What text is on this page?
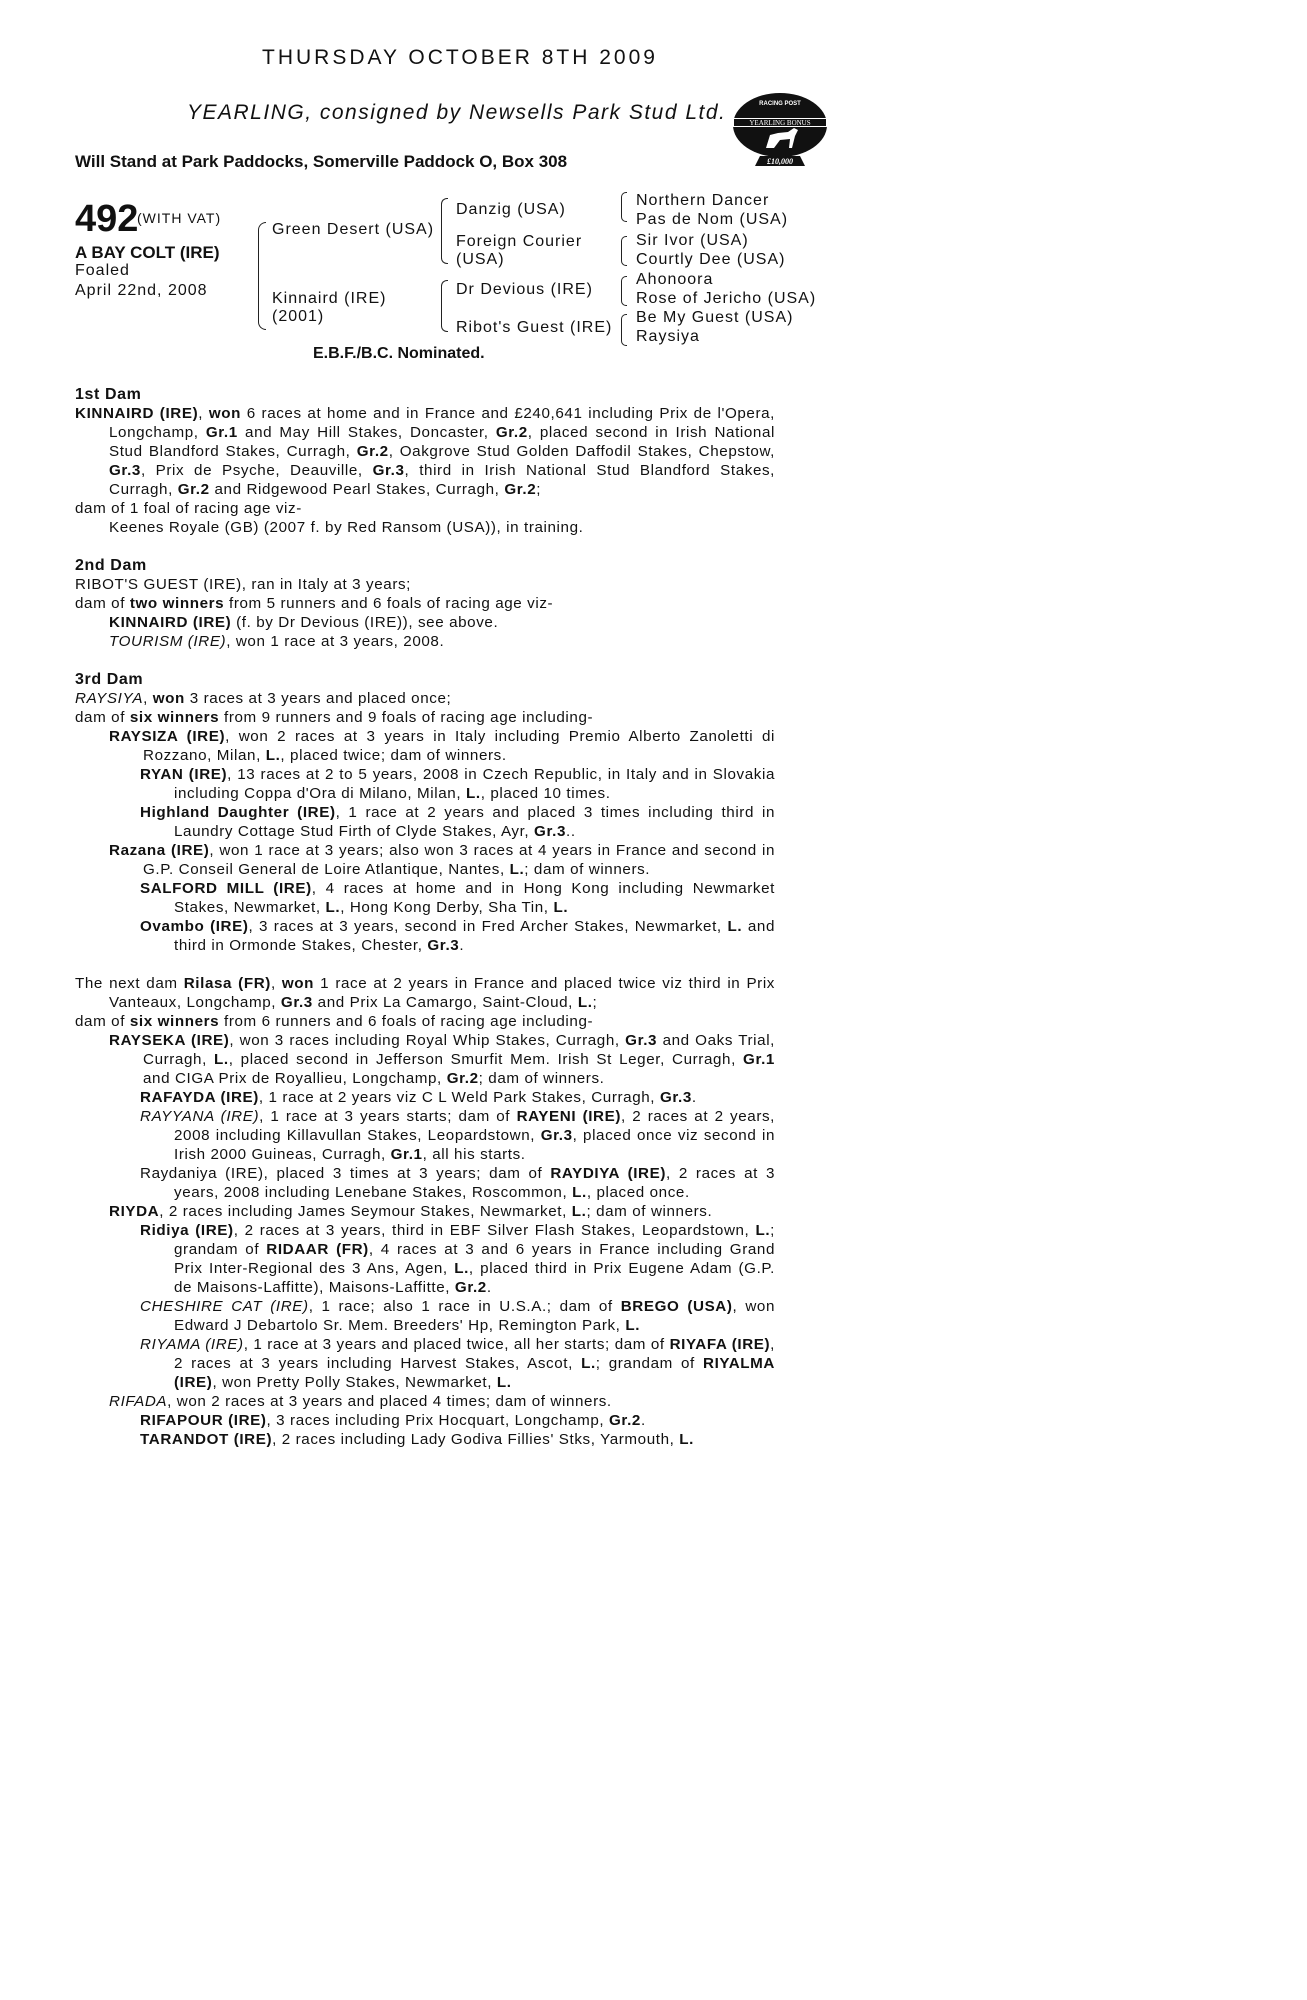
THURSDAY OCTOBER 8TH 2009
YEARLING, consigned by Newsells Park Stud Ltd.
Will Stand at Park Paddocks, Somerville Paddock O, Box 308
RACING POST
YEARLING BONUS
£10,000
492
(WITH VAT)
A BAY COLT (IRE)
Foaled
April 22nd, 2008
Green Desert (USA)
Kinnaird (IRE)
(2001)
Danzig (USA)
Foreign Courier
(USA)
Dr Devious (IRE)
Ribot's Guest (IRE)
Northern Dancer
Pas de Nom (USA)
Sir Ivor (USA)
Courtly Dee (USA)
Ahonoora
Rose of Jericho (USA)
Be My Guest (USA)
Raysiya
E.B.F./B.C. Nominated.

1st Dam

KINNAIRD (IRE), won 6 races at home and in France and £240,641 including Prix de l'Opera, Longchamp, Gr.1 and May Hill Stakes, Doncaster, Gr.2, placed second in Irish National Stud Blandford Stakes, Curragh, Gr.2, Oakgrove Stud Golden Daffodil Stakes, Chepstow, Gr.3, Prix de Psyche, Deauville, Gr.3, third in Irish National Stud Blandford Stakes, Curragh, Gr.2 and Ridgewood Pearl Stakes, Curragh, Gr.2;

dam of 1 foal of racing age viz-

Keenes Royale (GB) (2007 f. by Red Ransom (USA)), in training.

2nd Dam

RIBOT'S GUEST (IRE), ran in Italy at 3 years;

dam of two winners from 5 runners and 6 foals of racing age viz-

KINNAIRD (IRE) (f. by Dr Devious (IRE)), see above.

TOURISM (IRE), won 1 race at 3 years, 2008.

3rd Dam

RAYSIYA, won 3 races at 3 years and placed once;

dam of six winners from 9 runners and 9 foals of racing age including-

RAYSIZA (IRE), won 2 races at 3 years in Italy including Premio Alberto Zanoletti di Rozzano, Milan, L., placed twice; dam of winners.

RYAN (IRE), 13 races at 2 to 5 years, 2008 in Czech Republic, in Italy and in Slovakia including Coppa d'Ora di Milano, Milan, L., placed 10 times.

Highland Daughter (IRE), 1 race at 2 years and placed 3 times including third in Laundry Cottage Stud Firth of Clyde Stakes, Ayr, Gr.3..

Razana (IRE), won 1 race at 3 years; also won 3 races at 4 years in France and second in G.P. Conseil General de Loire Atlantique, Nantes, L.; dam of winners.

SALFORD MILL (IRE), 4 races at home and in Hong Kong including Newmarket Stakes, Newmarket, L., Hong Kong Derby, Sha Tin, L.

Ovambo (IRE), 3 races at 3 years, second in Fred Archer Stakes, Newmarket, L. and third in Ormonde Stakes, Chester, Gr.3.

The next dam Rilasa (FR), won 1 race at 2 years in France and placed twice viz third in Prix Vanteaux, Longchamp, Gr.3 and Prix La Camargo, Saint-Cloud, L.;

dam of six winners from 6 runners and 6 foals of racing age including-

RAYSEKA (IRE), won 3 races including Royal Whip Stakes, Curragh, Gr.3 and Oaks Trial, Curragh, L., placed second in Jefferson Smurfit Mem. Irish St Leger, Curragh, Gr.1 and CIGA Prix de Royallieu, Longchamp, Gr.2; dam of winners.

RAFAYDA (IRE), 1 race at 2 years viz C L Weld Park Stakes, Curragh, Gr.3.

RAYYANA (IRE), 1 race at 3 years starts; dam of RAYENI (IRE), 2 races at 2 years, 2008 including Killavullan Stakes, Leopardstown, Gr.3, placed once viz second in Irish 2000 Guineas, Curragh, Gr.1, all his starts.

Raydaniya (IRE), placed 3 times at 3 years; dam of RAYDIYA (IRE), 2 races at 3 years, 2008 including Lenebane Stakes, Roscommon, L., placed once.

RIYDA, 2 races including James Seymour Stakes, Newmarket, L.; dam of winners.

Ridiya (IRE), 2 races at 3 years, third in EBF Silver Flash Stakes, Leopardstown, L.; grandam of RIDAAR (FR), 4 races at 3 and 6 years in France including Grand Prix Inter-Regional des 3 Ans, Agen, L., placed third in Prix Eugene Adam (G.P. de Maisons-Laffitte), Maisons-Laffitte, Gr.2.

CHESHIRE CAT (IRE), 1 race; also 1 race in U.S.A.; dam of BREGO (USA), won Edward J Debartolo Sr. Mem. Breeders' Hp, Remington Park, L.

RIYAMA (IRE), 1 race at 3 years and placed twice, all her starts; dam of RIYAFA (IRE), 2 races at 3 years including Harvest Stakes, Ascot, L.; grandam of RIYALMA (IRE), won Pretty Polly Stakes, Newmarket, L.

RIFADA, won 2 races at 3 years and placed 4 times; dam of winners.

RIFAPOUR (IRE), 3 races including Prix Hocquart, Longchamp, Gr.2.

TARANDOT (IRE), 2 races including Lady Godiva Fillies' Stks, Yarmouth, L.
